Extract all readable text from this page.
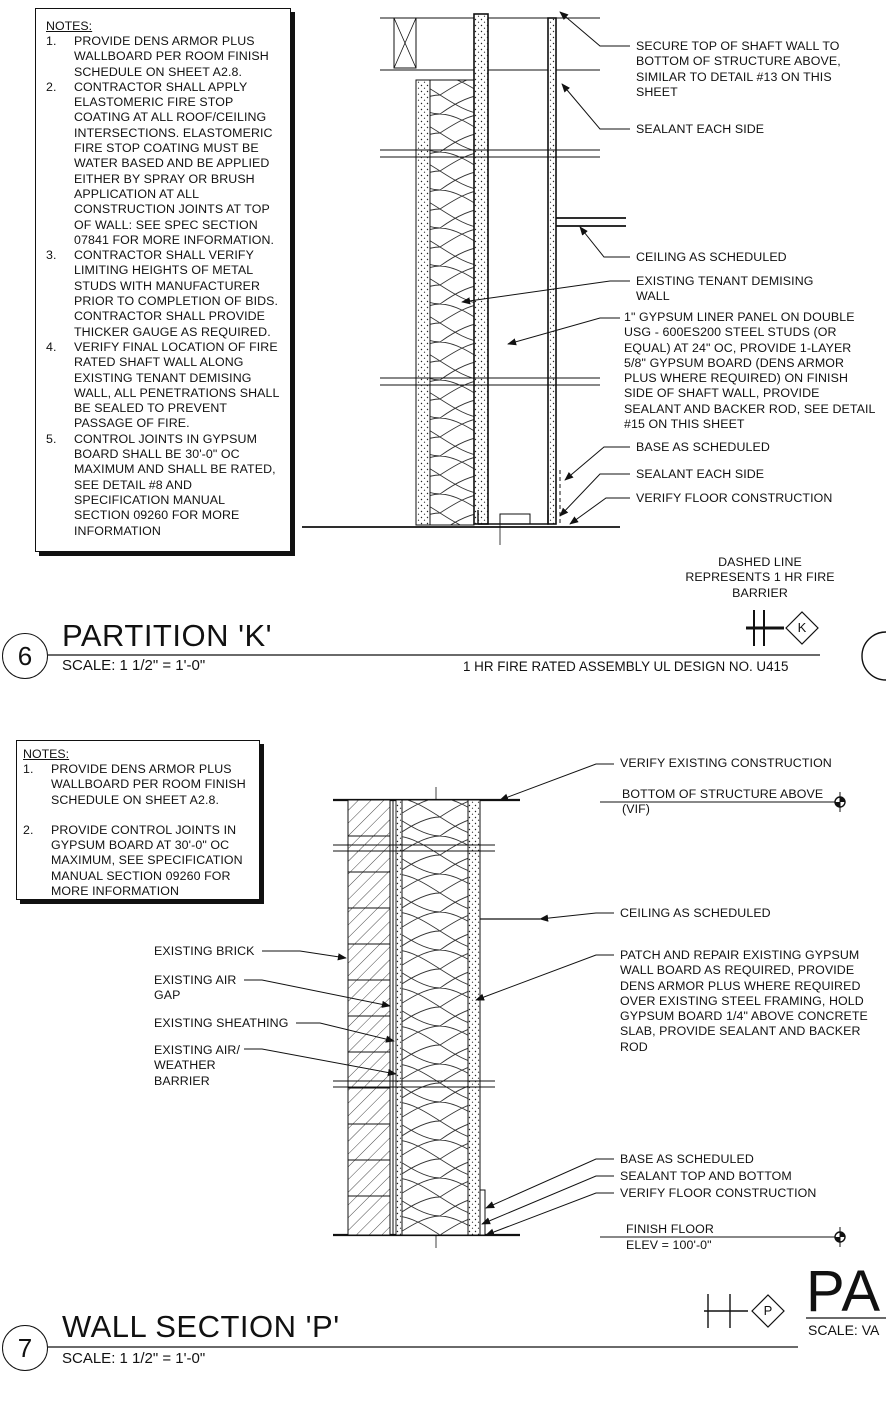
NOTES:
1. PROVIDE DENS ARMOR PLUS WALLBOARD PER ROOM FINISH SCHEDULE ON SHEET A2.8.
2. CONTRACTOR SHALL APPLY ELASTOMERIC FIRE STOP COATING AT ALL ROOF/CEILING INTERSECTIONS. ELASTOMERIC FIRE STOP COATING MUST BE WATER BASED AND BE APPLIED EITHER BY SPRAY OR BRUSH APPLICATION AT ALL CONSTRUCTION JOINTS AT TOP OF WALL: SEE SPEC SECTION 07841 FOR MORE INFORMATION.
3. CONTRACTOR SHALL VERIFY LIMITING HEIGHTS OF METAL STUDS WITH MANUFACTURER PRIOR TO COMPLETION OF BIDS. CONTRACTOR SHALL PROVIDE THICKER GAUGE AS REQUIRED.
4. VERIFY FINAL LOCATION OF FIRE RATED SHAFT WALL ALONG EXISTING TENANT DEMISING WALL, ALL PENETRATIONS SHALL BE SEALED TO PREVENT PASSAGE OF FIRE.
5. CONTROL JOINTS IN GYPSUM BOARD SHALL BE 30'-0" OC MAXIMUM AND SHALL BE RATED, SEE DETAIL #8 AND SPECIFICATION MANUAL SECTION 09260 FOR MORE INFORMATION
SECURE TOP OF SHAFT WALL TO BOTTOM OF STRUCTURE ABOVE, SIMILAR TO DETAIL #13 ON THIS SHEET
SEALANT EACH SIDE
CEILING AS SCHEDULED
EXISTING TENANT DEMISING WALL
1" GYPSUM LINER PANEL ON DOUBLE USG - 600ES200 STEEL STUDS (OR EQUAL) AT 24" OC, PROVIDE 1-LAYER 5/8" GYPSUM BOARD (DENS ARMOR PLUS WHERE REQUIRED) ON FINISH SIDE OF SHAFT WALL, PROVIDE SEALANT AND BACKER ROD, SEE DETAIL #15 ON THIS SHEET
BASE AS SCHEDULED
SEALANT EACH SIDE
VERIFY FLOOR CONSTRUCTION
DASHED LINE REPRESENTS 1 HR FIRE BARRIER
K
6
PARTITION 'K'
SCALE: 1 1/2" = 1'-0"	1 HR FIRE RATED ASSEMBLY UL DESIGN NO. U415
NOTES:
1. PROVIDE DENS ARMOR PLUS WALLBOARD PER ROOM FINISH SCHEDULE ON SHEET A2.8.
2. PROVIDE CONTROL JOINTS IN GYPSUM BOARD AT 30'-0" OC MAXIMUM, SEE SPECIFICATION MANUAL SECTION 09260 FOR MORE INFORMATION
VERIFY EXISTING CONSTRUCTION
BOTTOM OF STRUCTURE ABOVE
(VIF)
CEILING AS SCHEDULED
PATCH AND REPAIR EXISTING GYPSUM WALL BOARD AS REQUIRED, PROVIDE DENS ARMOR PLUS WHERE REQUIRED OVER EXISTING STEEL FRAMING, HOLD GYPSUM BOARD 1/4" ABOVE CONCRETE SLAB, PROVIDE SEALANT AND BACKER ROD
EXISTING BRICK
EXISTING AIR GAP
EXISTING SHEATHING
EXISTING AIR/ WEATHER BARRIER
BASE AS SCHEDULED
SEALANT TOP AND BOTTOM
VERIFY FLOOR CONSTRUCTION
FINISH FLOOR
ELEV = 100'-0"
P
7
WALL SECTION 'P'
SCALE: 1 1/2" = 1'-0"
PA
SCALE: VA
